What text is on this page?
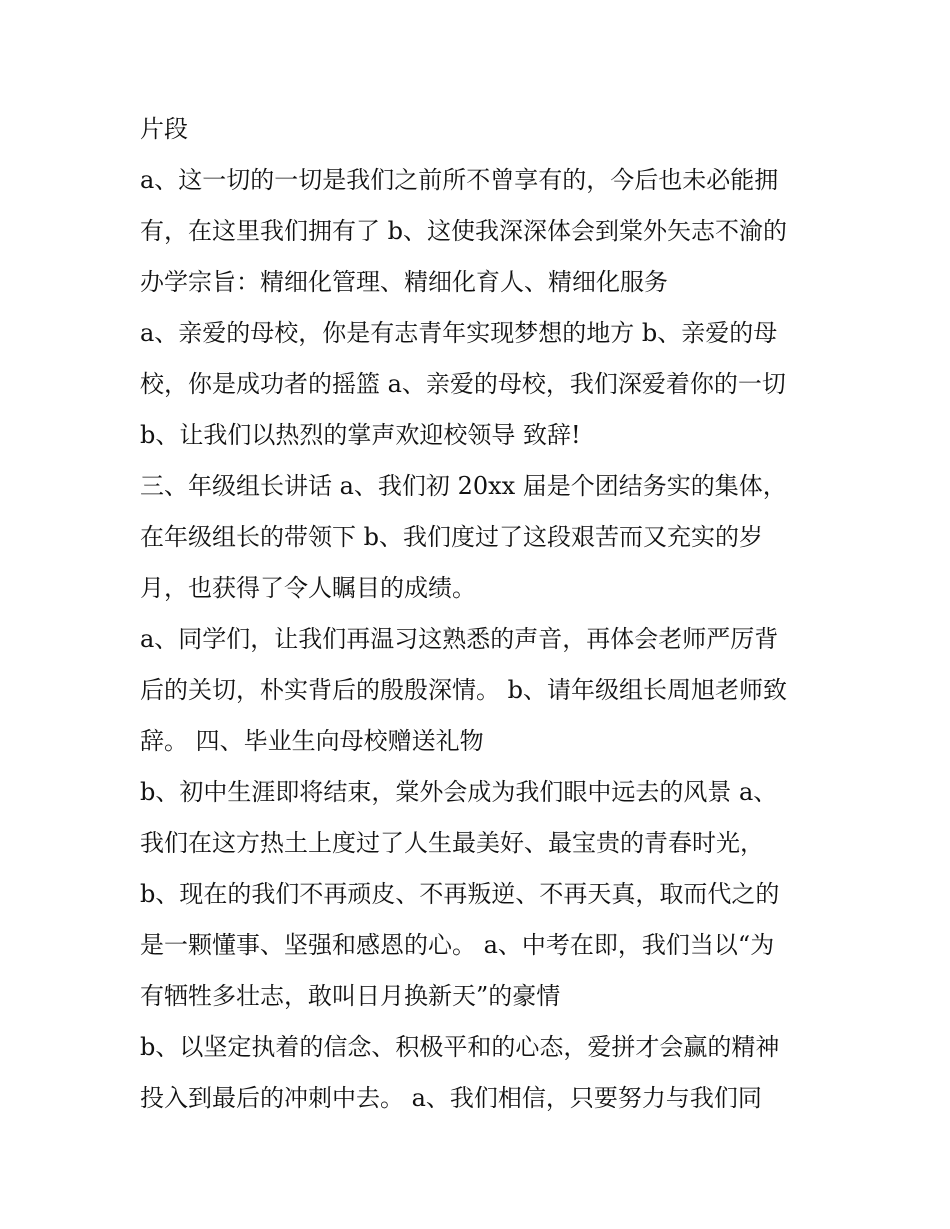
片段
a、这一切的一切是我们之前所不曾享有的，今后也未必能拥
有，在这里我们拥有了 b、这使我深深体会到棠外矢志不渝的
办学宗旨：精细化管理、精细化育人、精细化服务
a、亲爱的母校，你是有志青年实现梦想的地方 b、亲爱的母
校，你是成功者的摇篮 a、亲爱的母校，我们深爱着你的一切
b、让我们以热烈的掌声欢迎校领导 致辞!
三、年级组长讲话 a、我们初 20xx 届是个团结务实的集体，
在年级组长的带领下 b、我们度过了这段艰苦而又充实的岁
月，也获得了令人瞩目的成绩。
a、同学们，让我们再温习这熟悉的声音，再体会老师严厉背
后的关切，朴实背后的殷殷深情。 b、请年级组长周旭老师致
辞。 四、毕业生向母校赠送礼物
b、初中生涯即将结束，棠外会成为我们眼中远去的风景 a、
我们在这方热土上度过了人生最美好、最宝贵的青春时光，
b、现在的我们不再顽皮、不再叛逆、不再天真，取而代之的
是一颗懂事、坚强和感恩的心。 a、中考在即，我们当以“为
有牺牲多壮志，敢叫日月换新天”的豪情
b、以坚定执着的信念、积极平和的心态，爱拼才会赢的精神
投入到最后的冲刺中去。 a、我们相信，只要努力与我们同
